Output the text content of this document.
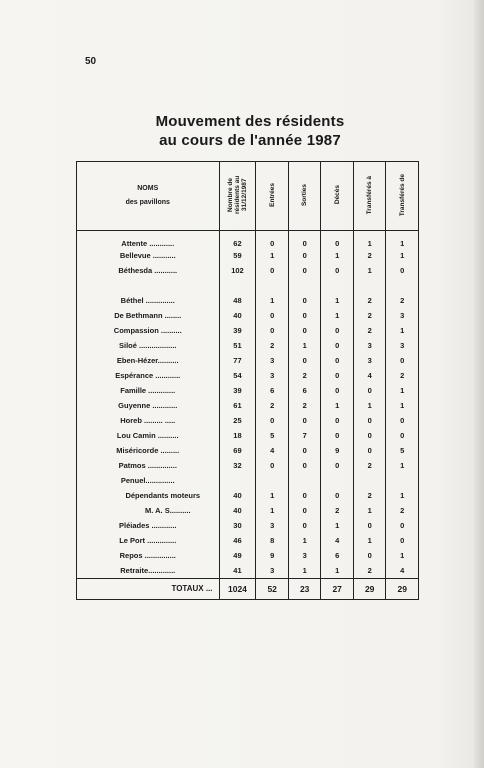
50
Mouvement des résidents
au cours de l'année 1987
NOMS
des pavillons	Nombre de résidents au 31/12/1987	Entrées	Sorties	Décès	Transférés à	Transférés de
Attente ............	62	0	0	0	1	1
Bellevue ...........	59	1	0	1	2	1
Béthesda ...........	102	0	0	0	1	0

Béthel ..............	48	1	0	1	2	2
De Bethmann ........	40	0	0	1	2	3
Compassion ..........	39	0	0	0	2	1
Siloé ..................	51	2	1	0	3	3
Eben-Hézer..........	77	3	0	0	3	0
Espérance ............	54	3	2	0	4	2
Famille .............	39	6	6	0	0	1
Guyenne ............	61	2	2	1	1	1
Horeb ......... .....	25	0	0	0	0	0
Lou Camin ..........	18	5	7	0	0	0
Miséricorde .........	69	4	0	9	0	5
Patmos ..............	32	0	0	0	2	1
Penuel..............						
Dépendants moteurs	40	1	0	0	2	1
M. A. S..........	40	1	0	2	1	2
Pléiades ............	30	3	0	1	0	0
Le Port ..............	46	8	1	4	1	0
Repos ...............	49	9	3	6	0	1
Retraite.............	41	3	1	1	2	4
TOTAUX ...	1024	52	23	27	29	29
